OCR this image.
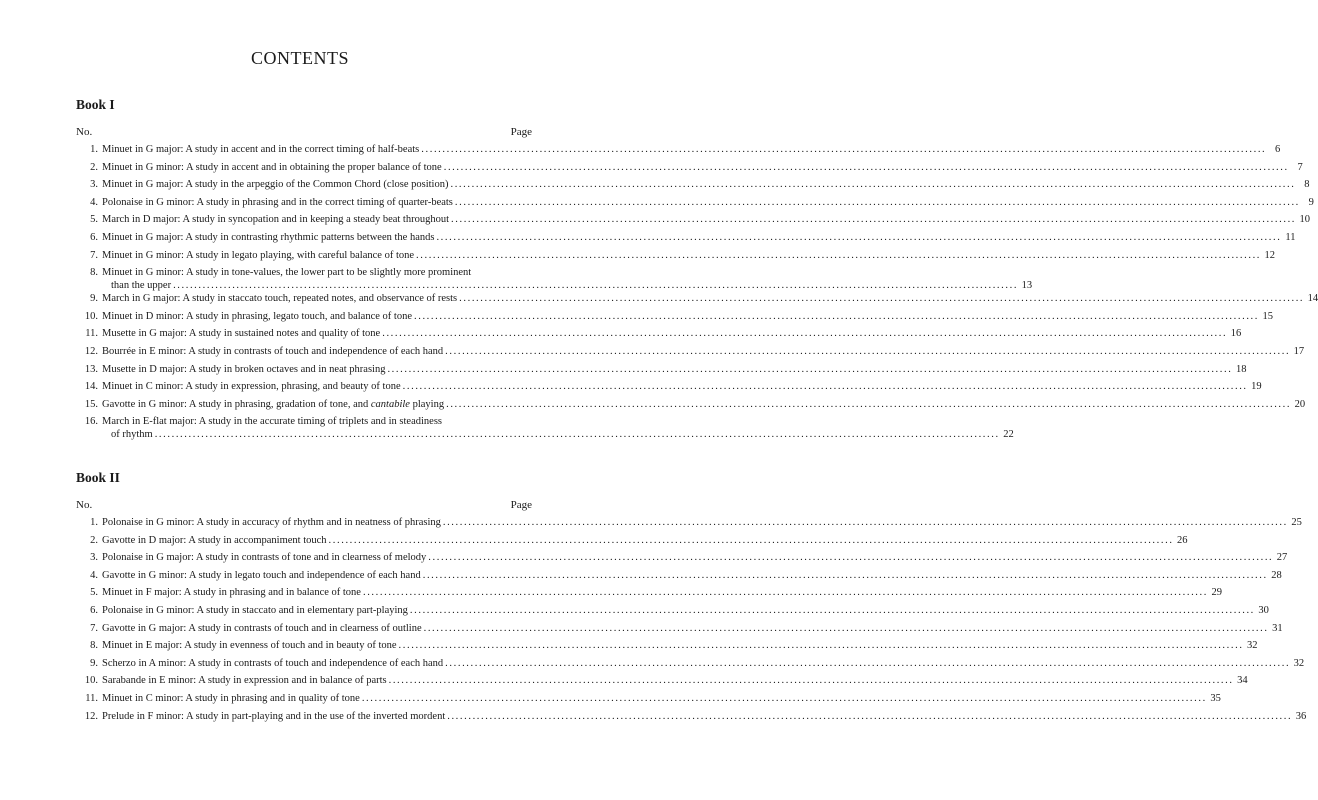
CONTENTS
Book I
No.	Page
1. Minuet in G major: A study in accent and in the correct timing of half-beats ........................................................................................................................................................................................................ 6
2. Minuet in G minor: A study in accent and in obtaining the proper balance of tone ........................................................................................................................................................................................................ 7
3. Minuet in G major: A study in the arpeggio of the Common Chord (close position) ........................................................................................................................................................................................................ 8
4. Polonaise in G minor: A study in phrasing and in the correct timing of quarter-beats ........................................................................................................................................................................................................ 9
5. March in D major: A study in syncopation and in keeping a steady beat throughout ........................................................................................................................................................................................................ 10
6. Minuet in G major: A study in contrasting rhythmic patterns between the hands ........................................................................................................................................................................................................ 11
7. Minuet in G minor: A study in legato playing, with careful balance of tone ........................................................................................................................................................................................................ 12
8. Minuet in G minor: A study in tone-values, the lower part to be slightly more prominent
than the upper ........................................................................................................................................................................................................ 13
9. March in G major: A study in staccato touch, repeated notes, and observance of rests ........................................................................................................................................................................................................ 14
10. Minuet in D minor: A study in phrasing, legato touch, and balance of tone ........................................................................................................................................................................................................ 15
11. Musette in G major: A study in sustained notes and quality of tone ........................................................................................................................................................................................................ 16
12. Bourrée in E minor: A study in contrasts of touch and independence of each hand ........................................................................................................................................................................................................ 17
13. Musette in D major: A study in broken octaves and in neat phrasing ........................................................................................................................................................................................................ 18
14. Minuet in C minor: A study in expression, phrasing, and beauty of tone ........................................................................................................................................................................................................ 19
15. Gavotte in G minor: A study in phrasing, gradation of tone, and cantabile playing ........................................................................................................................................................................................................ 20
16. March in E-flat major: A study in the accurate timing of triplets and in steadiness
of rhythm ........................................................................................................................................................................................................ 22
Book II
No.	Page
1. Polonaise in G minor: A study in accuracy of rhythm and in neatness of phrasing ........................................................................................................................................................................................................ 25
2. Gavotte in D major: A study in accompaniment touch ........................................................................................................................................................................................................ 26
3. Polonaise in G major: A study in contrasts of tone and in clearness of melody ........................................................................................................................................................................................................ 27
4. Gavotte in G minor: A study in legato touch and independence of each hand ........................................................................................................................................................................................................ 28
5. Minuet in F major: A study in phrasing and in balance of tone ........................................................................................................................................................................................................ 29
6. Polonaise in G minor: A study in staccato and in elementary part-playing ........................................................................................................................................................................................................ 30
7. Gavotte in G major: A study in contrasts of touch and in clearness of outline ........................................................................................................................................................................................................ 31
8. Minuet in E major: A study in evenness of touch and in beauty of tone ........................................................................................................................................................................................................ 32
9. Scherzo in A minor: A study in contrasts of touch and independence of each hand ........................................................................................................................................................................................................ 32
10. Sarabande in E minor: A study in expression and in balance of parts ........................................................................................................................................................................................................ 34
11. Minuet in C minor: A study in phrasing and in quality of tone ........................................................................................................................................................................................................ 35
12. Prelude in F minor: A study in part-playing and in the use of the inverted mordent ........................................................................................................................................................................................................ 36
